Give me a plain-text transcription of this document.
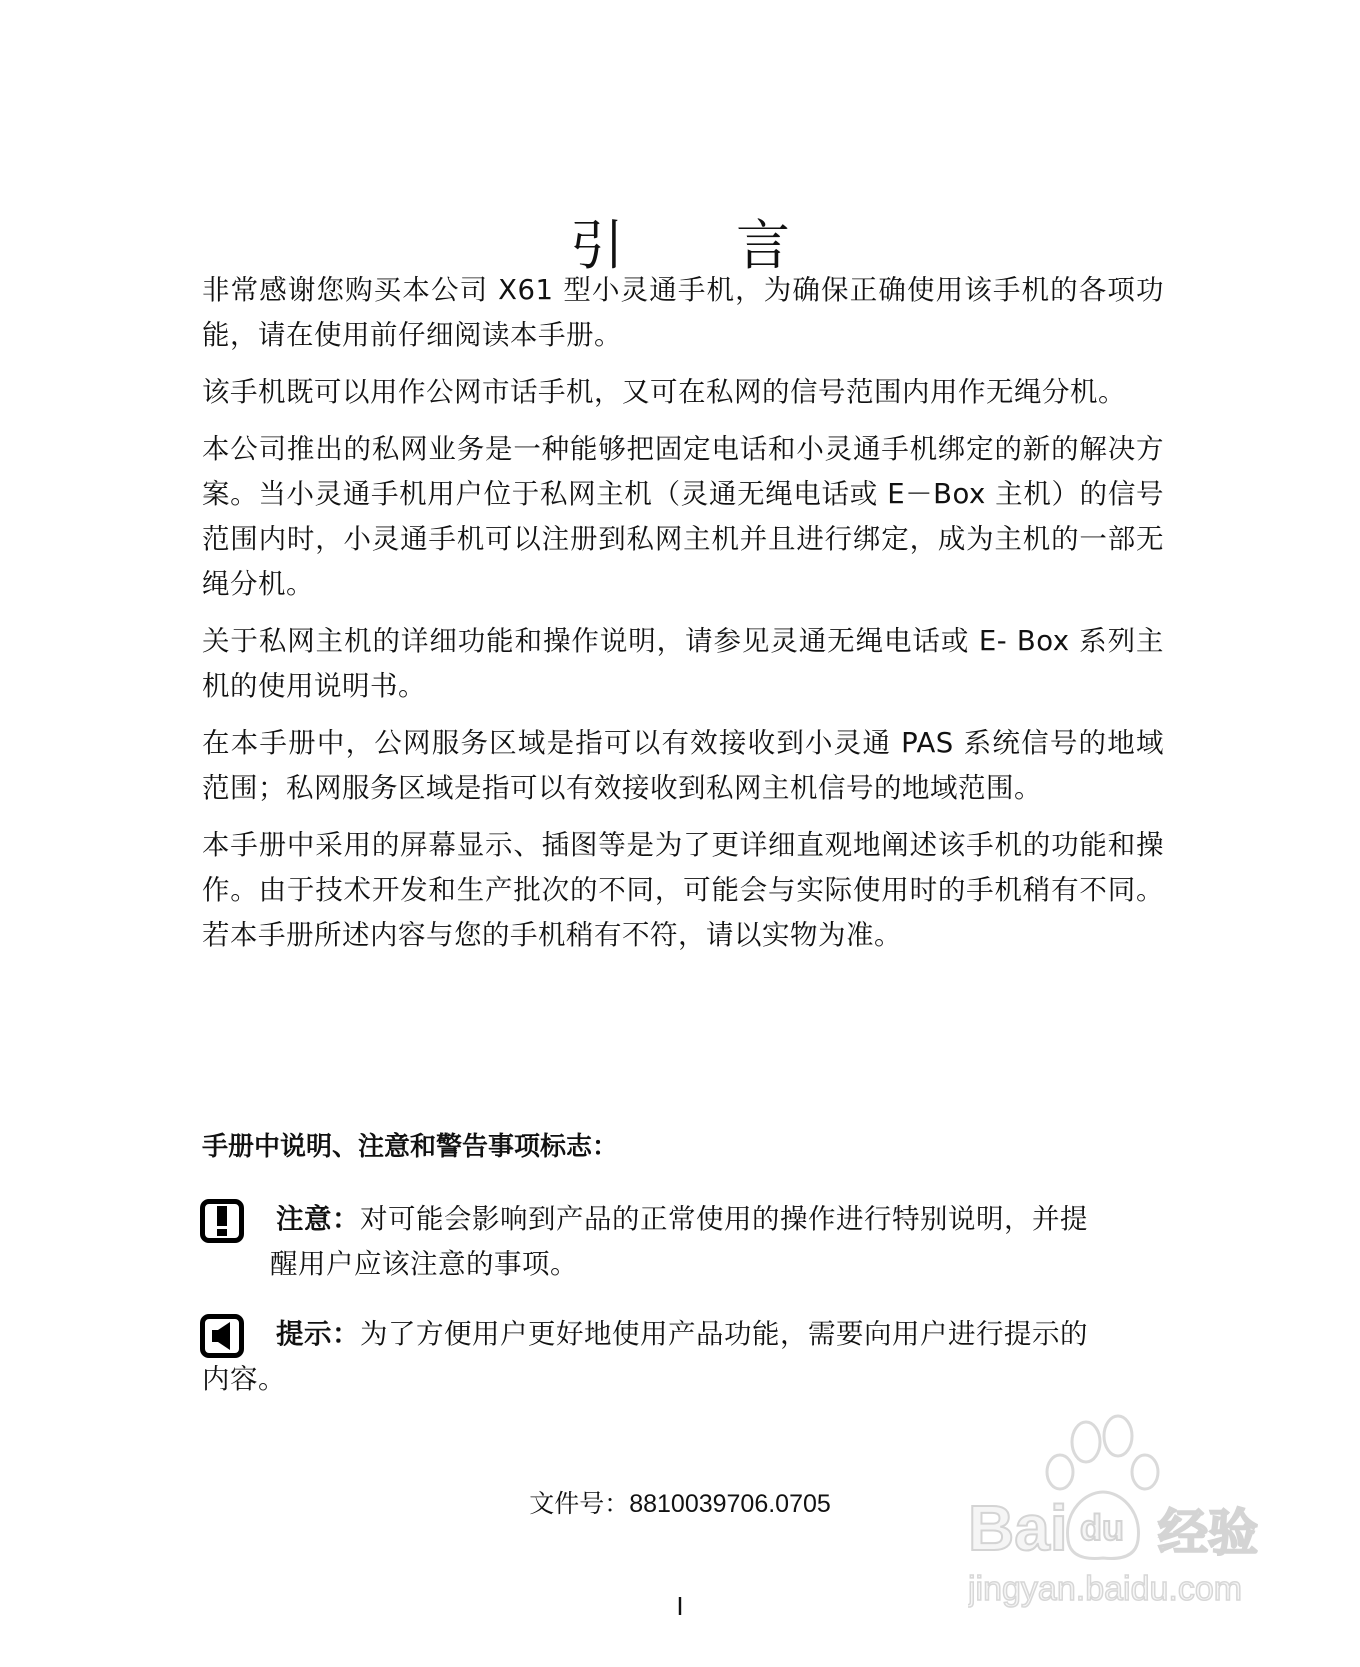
引 言

非常感谢您购买本公司 X61 型小灵通手机，为确保正确使用该手机的各项功能，请在使用前仔细阅读本手册。

该手机既可以用作公网市话手机，又可在私网的信号范围内用作无绳分机。

本公司推出的私网业务是一种能够把固定电话和小灵通手机绑定的新的解决方案。当小灵通手机用户位于私网主机（灵通无绳电话或 E－Box 主机）的信号范围内时，小灵通手机可以注册到私网主机并且进行绑定，成为主机的一部无绳分机。

关于私网主机的详细功能和操作说明，请参见灵通无绳电话或 E- Box 系列主机的使用说明书。

在本手册中，公网服务区域是指可以有效接收到小灵通 PAS 系统信号的地域范围；私网服务区域是指可以有效接收到私网主机信号的地域范围。

本手册中采用的屏幕显示、插图等是为了更详细直观地阐述该手机的功能和操作。由于技术开发和生产批次的不同，可能会与实际使用时的手机稍有不同。若本手册所述内容与您的手机稍有不符，请以实物为准。

手册中说明、注意和警告事项标志：
注意：对可能会影响到产品的正常使用的操作进行特别说明，并提
醒用户应该注意的事项。
提示：为了方便用户更好地使用产品功能，需要向用户进行提示的
内容。
文件号：8810039706.0705
I
Bai du 经验
jingyan.baidu.com
